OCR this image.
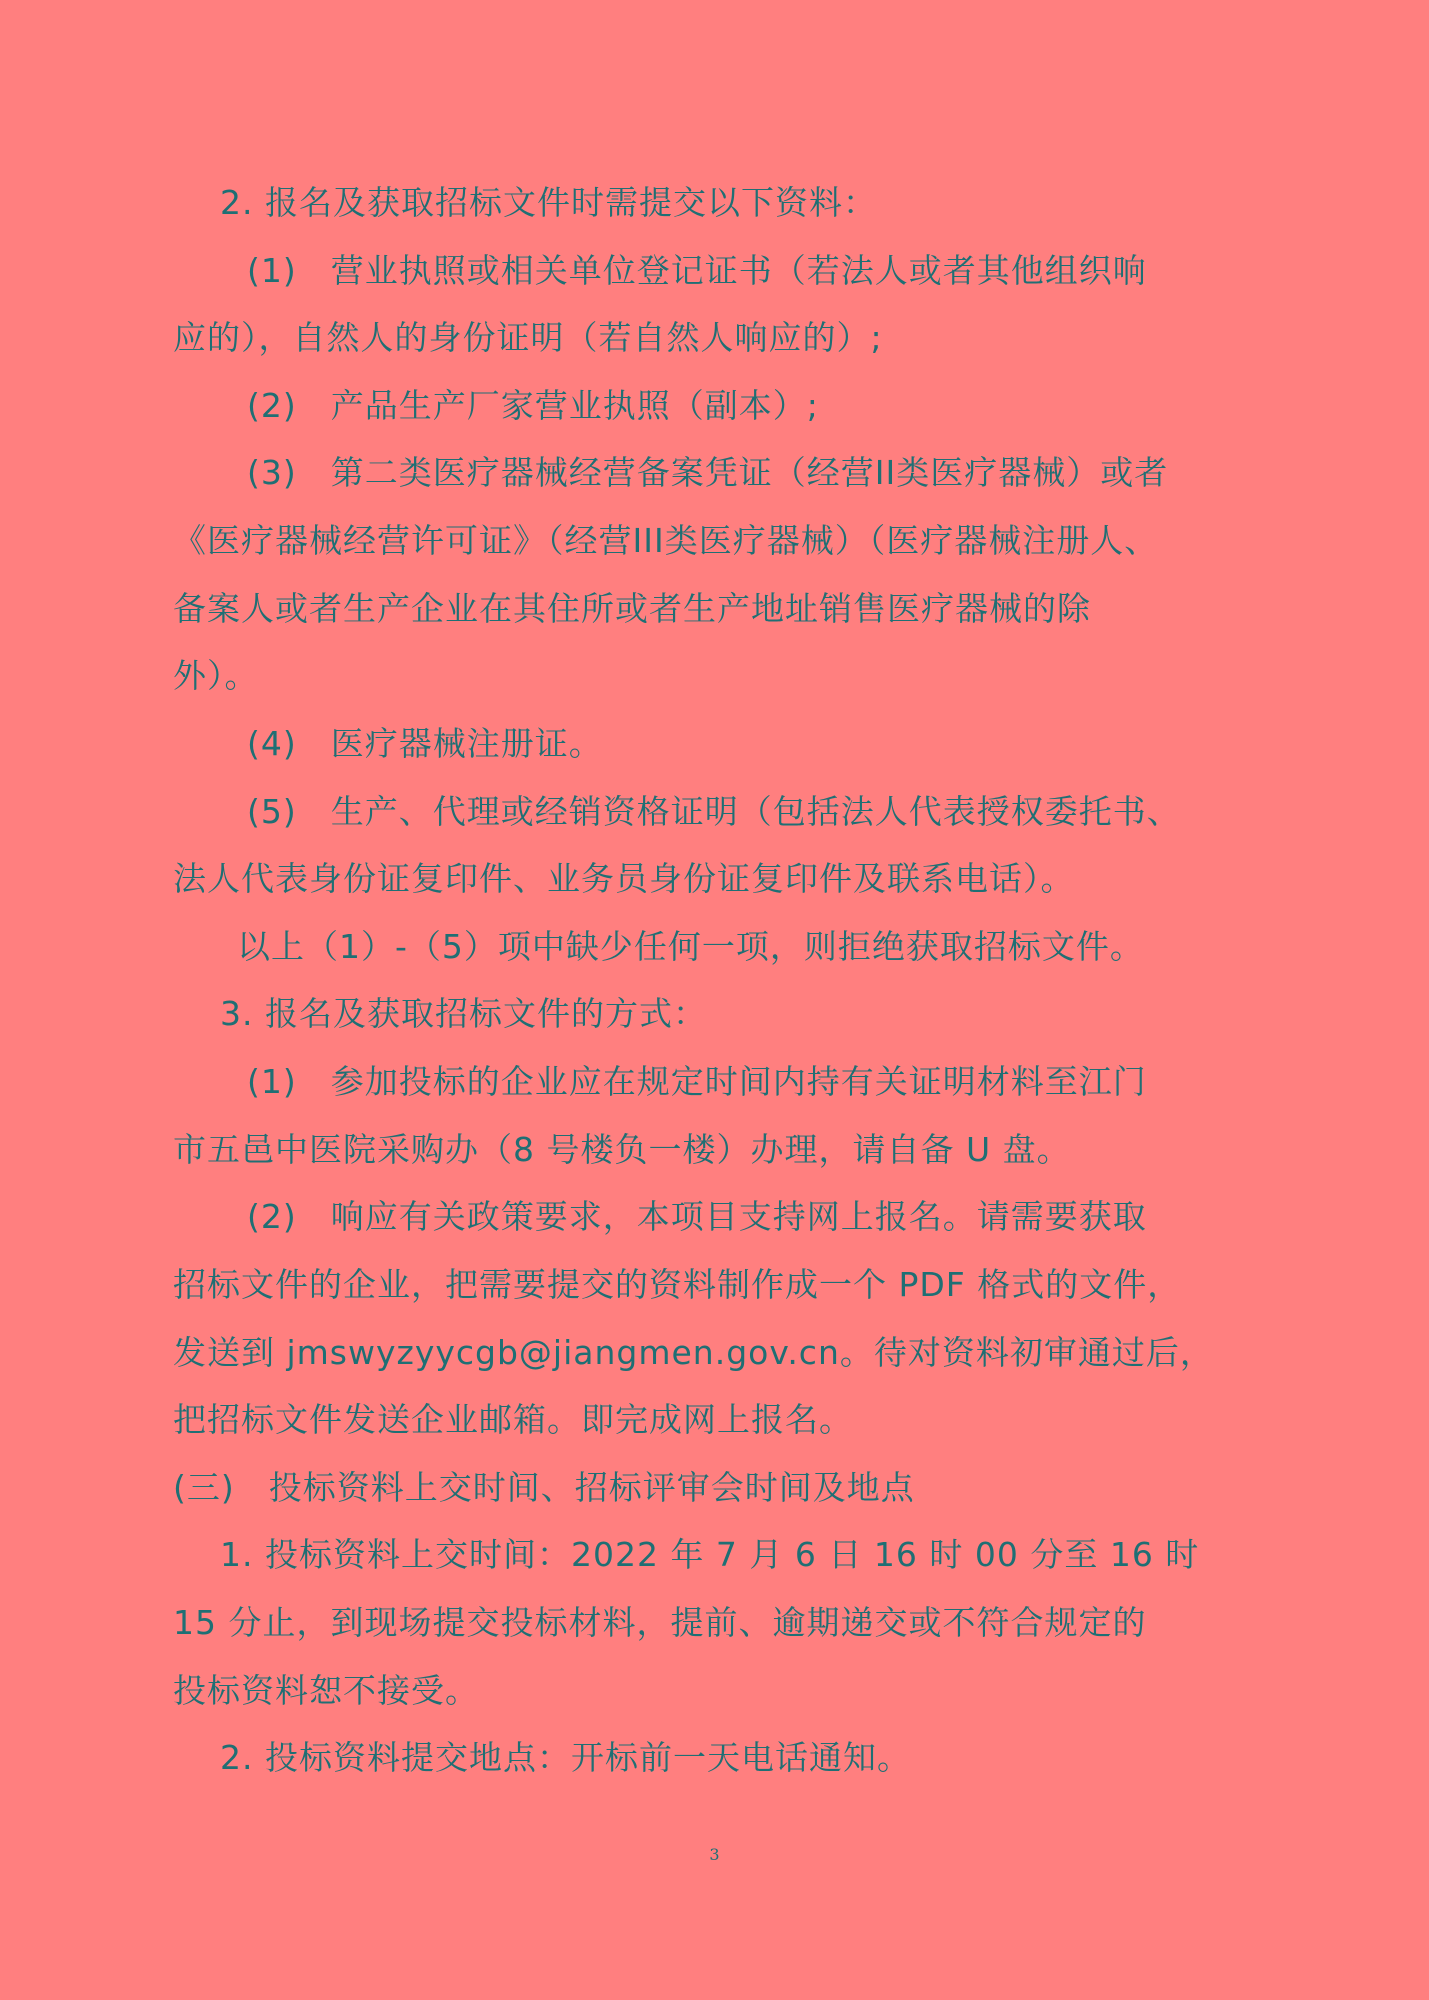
2. 报名及获取招标文件时需提交以下资料：
(1)　营业执照或相关单位登记证书（若法人或者其他组织响
应的），自然人的身份证明（若自然人响应的）;
(2)　产品生产厂家营业执照（副本）;
(3)　第二类医疗器械经营备案凭证（经营II类医疗器械）或者
《医疗器械经营许可证》（经营III类医疗器械）（医疗器械注册人、
备案人或者生产企业在其住所或者生产地址销售医疗器械的除
外）。
(4)　医疗器械注册证。
(5)　生产、代理或经销资格证明（包括法人代表授权委托书、
法人代表身份证复印件、业务员身份证复印件及联系电话）。
以上（1）-（5）项中缺少任何一项，则拒绝获取招标文件。
3. 报名及获取招标文件的方式：
(1)　参加投标的企业应在规定时间内持有关证明材料至江门
市五邑中医院采购办（8 号楼负一楼）办理，请自备 U 盘。
(2)　响应有关政策要求，本项目支持网上报名。请需要获取
招标文件的企业，把需要提交的资料制作成一个 PDF 格式的文件，
发送到 jmswyzyycgb@jiangmen.gov.cn。待对资料初审通过后，
把招标文件发送企业邮箱。即完成网上报名。
(三)　投标资料上交时间、招标评审会时间及地点
1. 投标资料上交时间：2022 年 7 月 6 日 16 时 00 分至 16 时
15 分止，到现场提交投标材料，提前、逾期递交或不符合规定的
投标资料恕不接受。
2. 投标资料提交地点：开标前一天电话通知。
3
